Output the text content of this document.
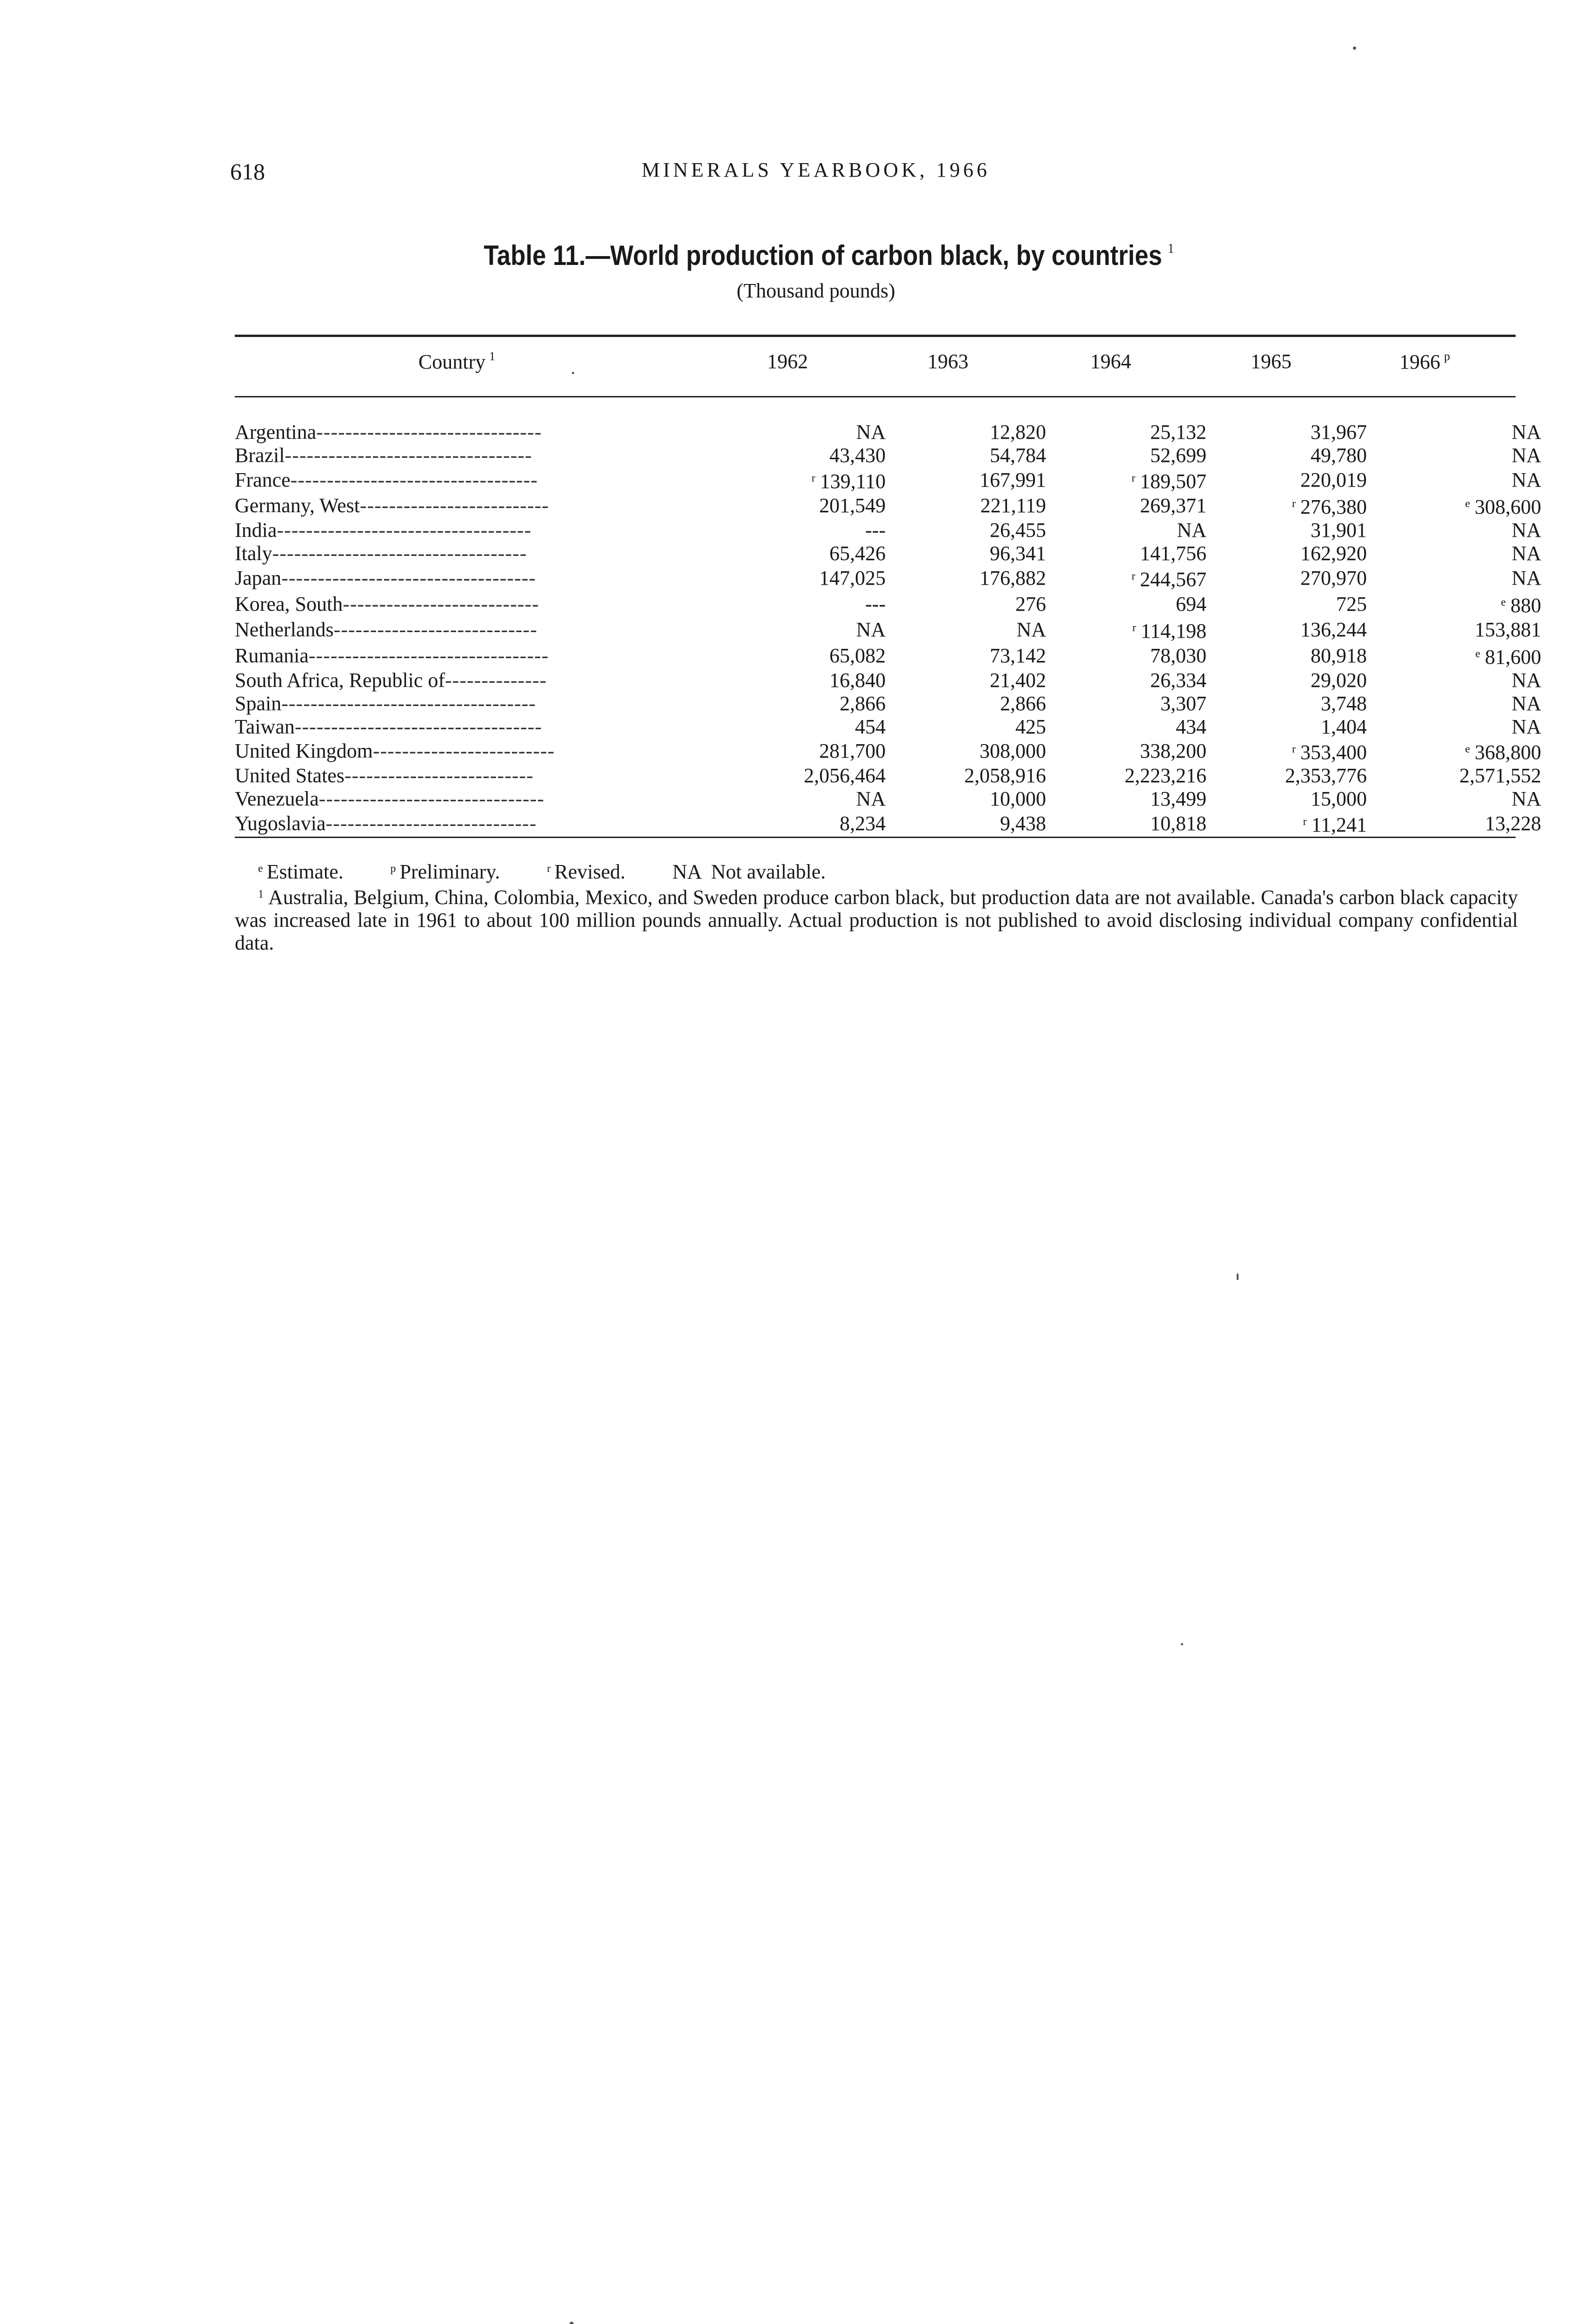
618	MINERALS YEARBOOK, 1966
Table 11.—World production of carbon black, by countries $^1$
(Thousand pounds)
Country $^1$	1962	1963	1964	1965	1966 $^p$
Argentina-------------------------------	NA	12,820	25,132	31,967	NA
Brazil----------------------------------	43,430	54,784	52,699	49,780	NA
France----------------------------------	$^r$ 139,110	167,991	$^r$ 189,507	220,019	NA
Germany, West--------------------------	201,549	221,119	269,371	$^r$ 276,380	$^e$ 308,600
India-----------------------------------	---	26,455	NA	31,901	NA
Italy-----------------------------------	65,426	96,341	141,756	162,920	NA
Japan-----------------------------------	147,025	176,882	$^r$ 244,567	270,970	NA
Korea, South---------------------------	---	276	694	725	$^e$ 880
Netherlands----------------------------	NA	NA	$^r$ 114,198	136,244	153,881
Rumania---------------------------------	65,082	73,142	78,030	80,918	$^e$ 81,600
South Africa, Republic of--------------	16,840	21,402	26,334	29,020	NA
Spain-----------------------------------	2,866	2,866	3,307	3,748	NA
Taiwan----------------------------------	454	425	434	1,404	NA
United Kingdom-------------------------	281,700	308,000	338,200	$^r$ 353,400	$^e$ 368,800
United States--------------------------	2,056,464	2,058,916	2,223,216	2,353,776	2,571,552
Venezuela-------------------------------	NA	10,000	13,499	15,000	NA
Yugoslavia-----------------------------	8,234	9,438	10,818	$^r$ 11,241	13,228
$^e$ Estimate.	$^p$ Preliminary.	$^r$ Revised. NA  Not available.
$^1$ Australia, Belgium, China, Colombia, Mexico, and Sweden produce carbon black, but production data are not available. Canada's carbon black capacity was increased late in 1961 to about 100 million pounds annually. Actual production is not published to avoid disclosing individual company confidential data.
